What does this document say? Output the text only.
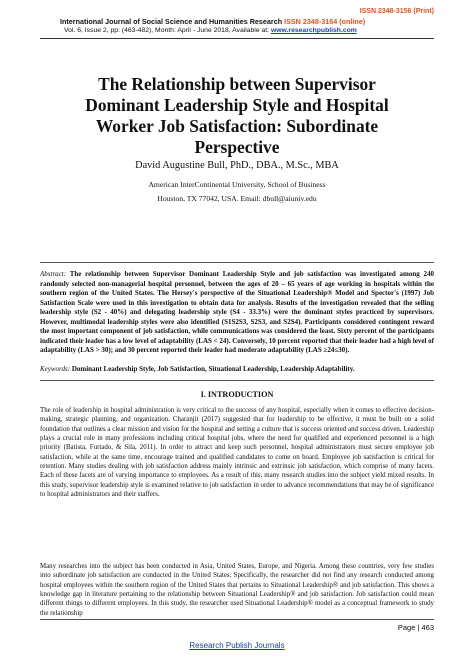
ISSN 2348-3156 (Print)
International Journal of Social Science and Humanities Research ISSN 2348-3164 (online)
Vol. 6, Issue 2, pp: (463-482), Month: April - June 2018, Available at: www.researchpublish.com
The Relationship between Supervisor
Dominant Leadership Style and Hospital
Worker Job Satisfaction: Subordinate
Perspective
David Augustine Bull, PhD., DBA., M.Sc., MBA
American InterContinental University, School of Business
Houston, TX 77042, USA. Email: dbull@aiuniv.edu
Abstract: The relationship between Supervisor Dominant Leadership Style and job satisfaction was investigated among 240 randomly selected non-managerial hospital personnel, between the ages of 20 – 65 years of age working in hospitals within the southern region of the United States. The Hersey's perspective of the Situational Leadership® Model and Spector's (1997) Job Satisfaction Scale were used in this investigation to obtain data for analysis. Results of the investigation revealed that the selling leadership style (S2 - 40%) and delegating leadership style (S4 - 33.3%) were the dominant styles practiced by supervisors. However, multimodal leadership styles were also identified (S1S2S3, S2S3, and S2S4). Participants considered contingent reward the most important component of job satisfaction, while communications was considered the least. Sixty percent of the participants indicated their leader has a low level of adaptability (LAS < 24). Conversely, 10 percent reported that their leader had a high level of adaptability (LAS > 30); and 30 percent reported their leader had moderate adaptability (LAS ≥24≤30).
Keywords: Dominant Leadership Style, Job Satisfaction, Situational Leadership, Leadership Adaptability.
I. INTRODUCTION
The role of leadership in hospital administration is very critical to the success of any hospital, especially when it comes to effective decision-making, strategic planning, and organization. Charanjit (2017) suggested that for leadership to be effective, it must be built on a solid foundation that outlines a clear mission and vision for the hospital and setting a culture that is success oriented and success driven. Leadership plays a crucial role in many professions including critical hospital jobs, where the need for qualified and experienced personnel is a high priority (Batista, Furtado, & Sila, 2011). In order to attract and keep such personnel, hospital administrators must secure employee job satisfaction, while at the same time, encourage trained and qualified candidates to come on board. Employee job satisfaction is critical for retention. Many studies dealing with job satisfaction address mainly intrinsic and extrinsic job satisfaction, which comprise of many facets. Each of these facets are of varying importance to employees. As a result of this, many research studies into the subject yield mixed results. In this study, supervisor leadership style is examined relative to job satisfaction in order to advance recommendations that may be of significance to hospital administrators and their staffers.
Many researches into the subject has been conducted in Asia, United States, Europe, and Nigeria. Among these countries, very few studies into subordinate job satisfaction are conducted in the United States. Specifically, the researcher did not find any research conducted among hospital employees within the southern region of the United States that pertains to Situational Leadership® and job satisfaction. This shows a knowledge gap in literature pertaining to the relationship between Situational Leadership® and job satisfaction. Job satisfaction could mean different things to different employees. In this study, the researcher used Situational Leadership® model as a conceptual framework to study the relationship
Page | 463
Research Publish Journals
